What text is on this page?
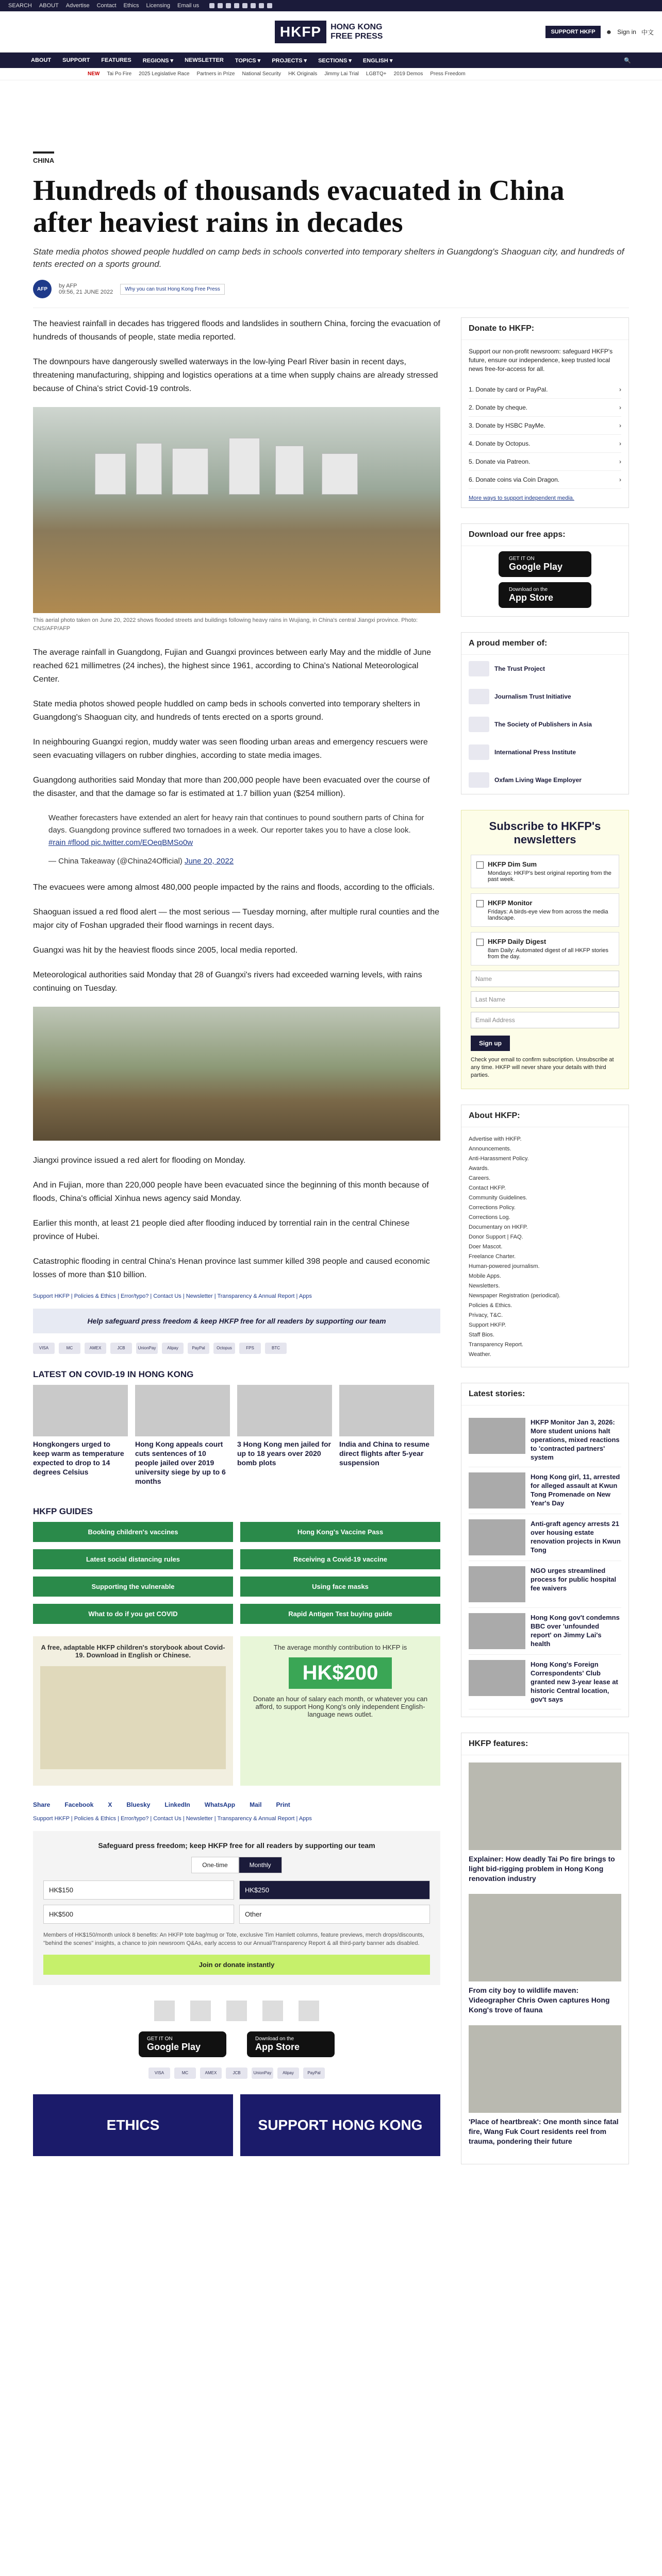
SEARCH ABOUT Advertise Contact Ethics Licensing Email us
HKFP	HONG KONG FREE PRESS	SUPPORT HKFP	☻ Sign in 中文
ABOUT SUPPORT FEATURES REGIONS ▾ NEWSLETTER TOPICS ▾ PROJECTS ▾ SECTIONS ▾ ENGLISH ▾	🔍
NEW Tai Po Fire 2025 Legislative Race Partners in Prize National Security HK Originals Jimmy Lai Trial LGBTQ+ 2019 Demos Press Freedom
CHINA
Hundreds of thousands evacuated in China after heaviest rains in decades

State media photos showed people huddled on camp beds in schools converted into temporary shelters in Guangdong's Shaoguan city, and hundreds of tents erected on a sports ground.

AFP	by AFP
09:56, 21 JUNE 2022	Why you can trust Hong Kong Free Press

The heaviest rainfall in decades has triggered floods and landslides in southern China, forcing the evacuation of hundreds of thousands of people, state media reported.

The downpours have dangerously swelled waterways in the low-lying Pearl River basin in recent days, threatening manufacturing, shipping and logistics operations at a time when supply chains are already stressed because of China's strict Covid-19 controls.

This aerial photo taken on June 20, 2022 shows flooded streets and buildings following heavy rains in Wujiang, in China's central Jiangxi province. Photo: CNS/AFP/AFP

The average rainfall in Guangdong, Fujian and Guangxi provinces between early May and the middle of June reached 621 millimetres (24 inches), the highest since 1961, according to China's National Meteorological Center.

State media photos showed people huddled on camp beds in schools converted into temporary shelters in Guangdong's Shaoguan city, and hundreds of tents erected on a sports ground.

In neighbouring Guangxi region, muddy water was seen flooding urban areas and emergency rescuers were seen evacuating villagers on rubber dinghies, according to state media images.

Guangdong authorities said Monday that more than 200,000 people have been evacuated over the course of the disaster, and that the damage so far is estimated at 1.7 billion yuan ($254 million).

Weather forecasters have extended an alert for heavy rain that continues to pound southern parts of China for days. Guangdong province suffered two tornadoes in a week. Our reporter takes you to have a close look.

#rain #flood pic.twitter.com/EOeqBMSo0w

— China Takeaway (@China24Official) June 20, 2022

The evacuees were among almost 480,000 people impacted by the rains and floods, according to the officials.

Shaoguan issued a red flood alert — the most serious — Tuesday morning, after multiple rural counties and the major city of Foshan upgraded their flood warnings in recent days.

Guangxi was hit by the heaviest floods since 2005, local media reported.

Meteorological authorities said Monday that 28 of Guangxi's rivers had exceeded warning levels, with rains continuing on Tuesday.

Jiangxi province issued a red alert for flooding on Monday.

And in Fujian, more than 220,000 people have been evacuated since the beginning of this month because of floods, China's official Xinhua news agency said Monday.

Earlier this month, at least 21 people died after flooding induced by torrential rain in the central Chinese province of Hubei.

Catastrophic flooding in central China's Henan province last summer killed 398 people and caused economic losses of more than $10 billion.

Support HKFP | Policies & Ethics | Error/typo? | Contact Us | Newsletter | Transparency & Annual Report | Apps

Help safeguard press freedom & keep HKFP free for all readers by supporting our team
VISA	MC	AMEX	JCB	UnionPay	Alipay	PayPal	Octopus	FPS	BTC
LATEST ON COVID-19 IN HONG KONG
Hongkongers urged to keep warm as temperature expected to drop to 14 degrees Celsius
Hong Kong appeals court cuts sentences of 10 people jailed over 2019 university siege by up to 6 months
3 Hong Kong men jailed for up to 18 years over 2020 bomb plots
India and China to resume direct flights after 5-year suspension
HKFP GUIDES
Booking children's vaccines	Hong Kong's Vaccine Pass
Latest social distancing rules	Receiving a Covid-19 vaccine
Supporting the vulnerable	Using face masks
What to do if you get COVID	Rapid Antigen Test buying guide
A free, adaptable HKFP children's storybook about Covid-19. Download in English or Chinese.
The average monthly contribution to HKFP is
HK$200
Donate an hour of salary each month, or whatever you can afford, to support Hong Kong's only independent English-language news outlet.
Share Facebook X Bluesky LinkedIn WhatsApp Mail Print

Support HKFP | Policies & Ethics | Error/typo? | Contact Us | Newsletter | Transparency & Annual Report | Apps

Safeguard press freedom; keep HKFP free for all readers by supporting our team
One-time	Monthly
HK$150	HK$250
HK$500	Other

Members of HK$150/month unlock 8 benefits: An HKFP tote bag/mug or Tote, exclusive Tim Hamlett columns, feature previews, merch drops/discounts, "behind the scenes" insights, a chance to join newsroom Q&As, early access to our Annual/Transparency Report & all third-party banner ads disabled.

Join or donate instantly
GET IT ON
Google Play
Download on the
App Store
VISA	MC	AMEX	JCB	UnionPay	Alipay	PayPal
ETHICS	SUPPORT HONG KONG
Donate to HKFP:
Support our non-profit newsroom: safeguard HKFP's future, ensure our independence, keep trusted local news free-for-access for all.
1. Donate by card or PayPal.	›
2. Donate by cheque.	›
3. Donate by HSBC PayMe.	›
4. Donate by Octopus.	›
5. Donate via Patreon.	›
6. Donate coins via Coin Dragon.	›
More ways to support independent media.
Download our free apps:
GET IT ON
Google Play
Download on the
App Store
A proud member of:
The Trust Project
Journalism Trust Initiative
The Society of Publishers in Asia
International Press Institute
Oxfam Living Wage Employer
Subscribe to HKFP's newsletters
HKFP Dim Sum
Mondays: HKFP's best original reporting from the past week.
HKFP Monitor
Fridays: A birds-eye view from across the media landscape.
HKFP Daily Digest
8am Daily: Automated digest of all HKFP stories from the day.
Name
Last Name
Email Address
Sign up

Check your email to confirm subscription. Unsubscribe at any time. HKFP will never share your details with third parties.

About HKFP:
Advertise with HKFP.
Announcements.
Anti-Harassment Policy.
Awards.
Careers.
Contact HKFP.
Community Guidelines.
Corrections Policy.
Corrections Log.
Documentary on HKFP.
Donor Support | FAQ.
Doer Mascot.
Freelance Charter.
Human-powered journalism.
Mobile Apps.
Newsletters.
Newspaper Registration (periodical).
Policies & Ethics.
Privacy, T&C.
Support HKFP.
Staff Bios.
Transparency Report.
Weather.
Latest stories:
HKFP Monitor Jan 3, 2026: More student unions halt operations, mixed reactions to 'contracted partners' system
Hong Kong girl, 11, arrested for alleged assault at Kwun Tong Promenade on New Year's Day
Anti-graft agency arrests 21 over housing estate renovation projects in Kwun Tong
NGO urges streamlined process for public hospital fee waivers
Hong Kong gov't condemns BBC over 'unfounded report' on Jimmy Lai's health
Hong Kong's Foreign Correspondents' Club granted new 3-year lease at historic Central location, gov't says
HKFP features:
Explainer: How deadly Tai Po fire brings to light bid-rigging problem in Hong Kong renovation industry
From city boy to wildlife maven: Videographer Chris Owen captures Hong Kong's trove of fauna
'Place of heartbreak': One month since fatal fire, Wang Fuk Court residents reel from trauma, pondering their future
